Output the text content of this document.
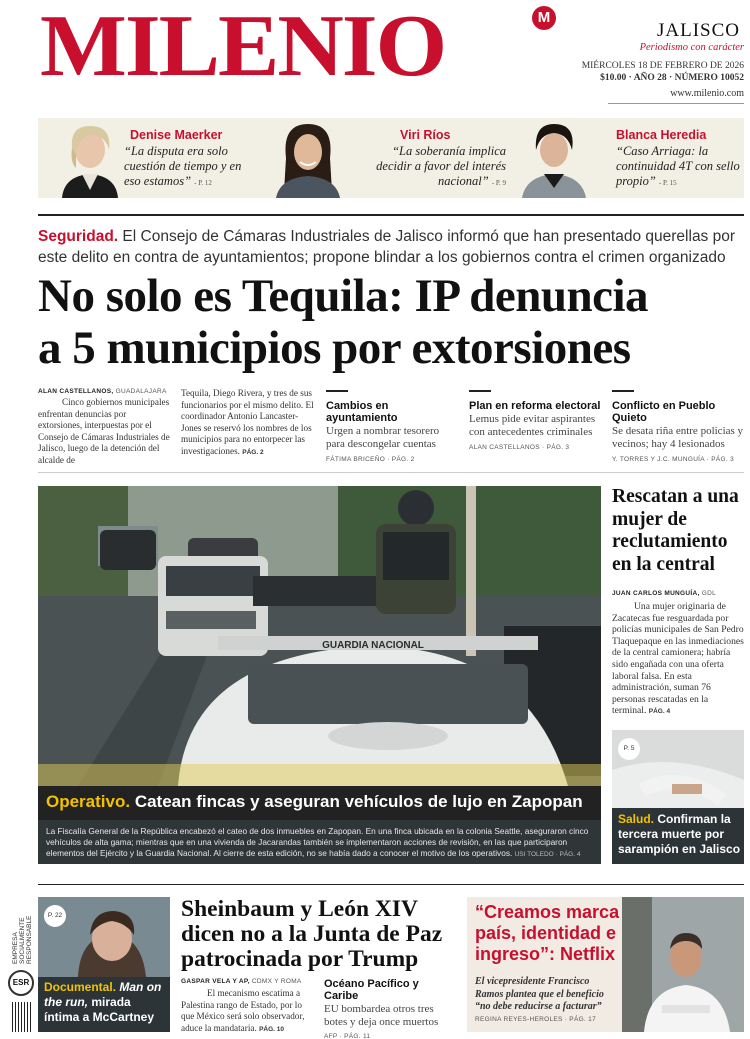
MILENIO	M
JALISCO
Periodismo con carácter
MIÉRCOLES 18 DE FEBRERO DE 2026
$10.00 · AÑO 28 · NÚMERO 10052
www.milenio.com
Denise Maerker
“La disputa era solo cuestión de tiempo y en eso estamos” - P. 12
Viri Ríos
“La soberanía implica decidir a favor del interés nacional” - P. 9
Blanca Heredia
“Caso Arriaga: la continuidad 4T con sello propio” - P. 15
Seguridad. El Consejo de Cámaras Industriales de Jalisco informó que han presentado querellas por este delito en contra de ayuntamientos; propone blindar a los gobiernos contra el crimen organizado
No solo es Tequila: IP denuncia
a 5 municipios por extorsiones
ALAN CASTELLANOS, GUADALAJARA
Cinco gobiernos municipales enfrentan denuncias por extorsiones, interpuestas por el Consejo de Cámaras Industriales de Jalisco, luego de la detención del alcalde de
Tequila, Diego Rivera, y tres de sus funcionarios por el mismo delito. El coordinador Antonio Lancaster-Jones se reservó los nombres de los municipios para no entorpecer las investigaciones. PÁG. 2
Cambios en ayuntamiento
Urgen a nombrar tesorero para descongelar cuentas
FÁTIMA BRICEÑO · PÁG. 2
Plan en reforma electoral
Lemus pide evitar aspirantes con antecedentes criminales
ALAN CASTELLANOS · PÁG. 3
Conflicto en Pueblo Quieto
Se desata riña entre policias y vecinos; hay 4 lesionados
Y. TORRES Y J.C. MUNGUÍA · PÁG. 3
GUARDIA NACIONAL
Operativo. Catean fincas y aseguran vehículos de lujo en Zapopan
La Fiscalía General de la República encabezó el cateo de dos inmuebles en Zapopan. En una finca ubicada en la colonia Seattle, aseguraron cinco vehículos de alta gama; mientras que en una vivienda de Jacarandas también se implementaron acciones de revisión, en las que participaron elementos del Ejército y la Guardia Nacional. Al cierre de esta edición, no se había dado a conocer el motivo de los operativos. USI TOLEDO · PÁG. 4
Rescatan a una mujer de reclutamiento en la central
JUAN CARLOS MUNGUÍA, GDL
Una mujer originaria de Zacatecas fue resguardada por policías municipales de San Pedro Tlaquepaque en las inmediaciones de la central camionera; habría sido engañada con una oferta laboral falsa. En esta administración, suman 76 personas rescatadas en la terminal. PÁG. 4
P. 5
Salud. Confirman la tercera muerte por sarampión en Jalisco
EMPRESA SOCIALMENTE RESPONSABLE
ESR
P. 22
Documental. Man on the run, mirada íntima a McCartney
Sheinbaum y León XIV dicen no a la Junta de Paz patrocinada por Trump
GASPAR VELA Y AP, CDMX Y ROMA
El mecanismo escatima a Palestina rango de Estado, por lo que México será solo observador, aduce la mandataria. PÁG. 10
Océano Pacífico y Caribe
EU bombardea otros tres botes y deja once muertos
AFP · PÁG. 11
“Creamos marca país, identidad e ingreso”: Netflix
El vicepresidente Francisco Ramos plantea que el beneficio “no debe reducirse a facturar”
REGINA REYES-HEROLES · PÁG. 17
